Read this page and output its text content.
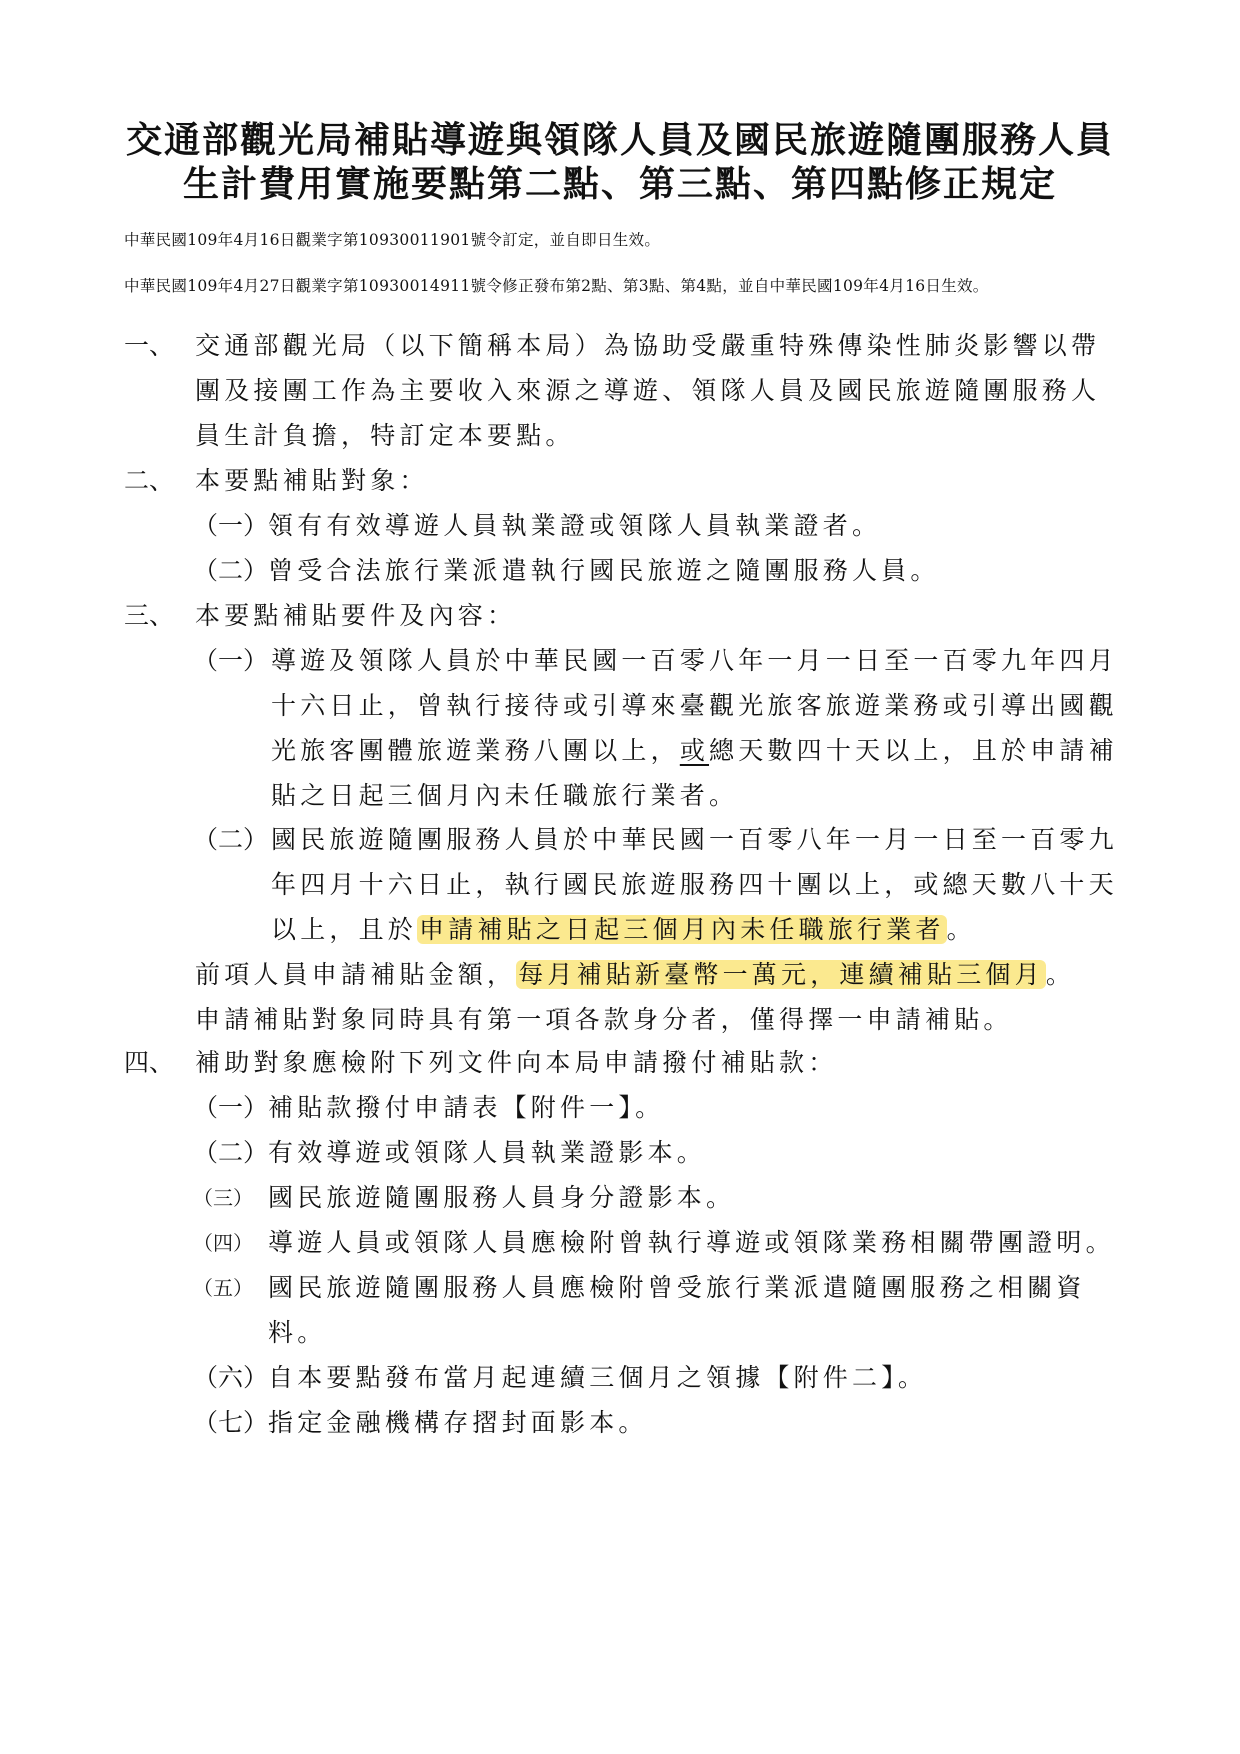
交通部觀光局補貼導遊與領隊人員及國民旅遊隨團服務人員
生計費用實施要點第二點、第三點、第四點修正規定
中華民國109年4月16日觀業字第10930011901號令訂定，並自即日生效。
中華民國109年4月27日觀業字第10930014911號令修正發布第2點、第3點、第4點，並自中華民國109年4月16日生效。
一、 交通部觀光局（以下簡稱本局）為協助受嚴重特殊傳染性肺炎影響以帶
團及接團工作為主要收入來源之導遊、領隊人員及國民旅遊隨團服務人
員生計負擔，特訂定本要點。
二、 本要點補貼對象：
（一） 領有有效導遊人員執業證或領隊人員執業證者。
（二） 曾受合法旅行業派遣執行國民旅遊之隨團服務人員。
三、 本要點補貼要件及內容：
（一） 導遊及領隊人員於中華民國一百零八年一月一日至一百零九年四月
十六日止，曾執行接待或引導來臺觀光旅客旅遊業務或引導出國觀
光旅客團體旅遊業務八團以上，或總天數四十天以上，且於申請補
貼之日起三個月內未任職旅行業者。
（二） 國民旅遊隨團服務人員於中華民國一百零八年一月一日至一百零九
年四月十六日止，執行國民旅遊服務四十團以上，或總天數八十天
以上，且於申請補貼之日起三個月內未任職旅行業者。
前項人員申請補貼金額，每月補貼新臺幣一萬元，連續補貼三個月。
申請補貼對象同時具有第一項各款身分者，僅得擇一申請補貼。
四、 補助對象應檢附下列文件向本局申請撥付補貼款：
（一） 補貼款撥付申請表【附件一】。
（二） 有效導遊或領隊人員執業證影本。
（三） 國民旅遊隨團服務人員身分證影本。
（四） 導遊人員或領隊人員應檢附曾執行導遊或領隊業務相關帶團證明。
（五） 國民旅遊隨團服務人員應檢附曾受旅行業派遣隨團服務之相關資
料。
（六） 自本要點發布當月起連續三個月之領據【附件二】。
（七） 指定金融機構存摺封面影本。
